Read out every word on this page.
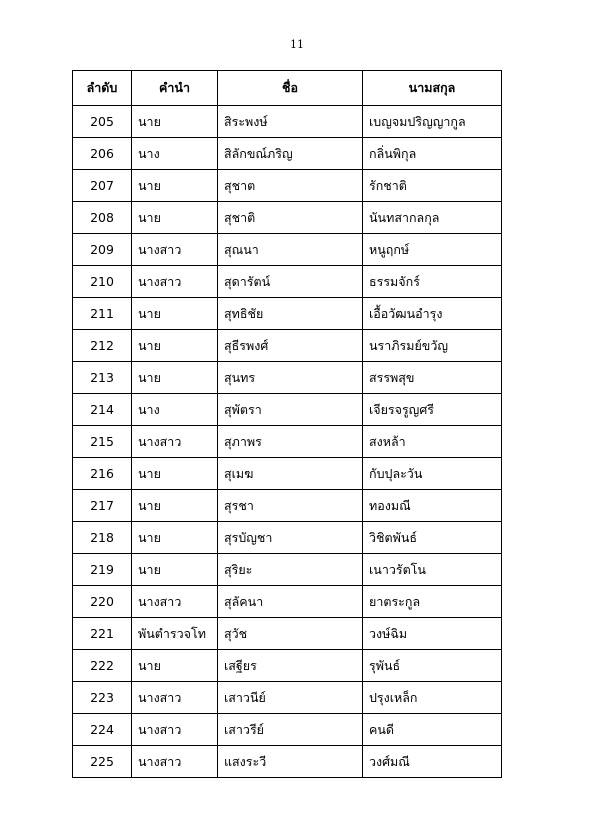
11
ลำดับ	คำนำ	ชื่อ	นามสกุล
205	นาย	สิระพงษ์	เบญจมปริญญากูล
206	นาง	สิลักขณ์ภริญ	กลิ่นพิกุล
207	นาย	สุชาต	รักชาติ
208	นาย	สุชาติ	นันทสากลกุล
209	นางสาว	สุณนา	หนูฤกษ์
210	นางสาว	สุดารัตน์	ธรรมจักร์
211	นาย	สุทธิชัย	เอื้อวัฒนอำรุง
212	นาย	สุธีรพงศ์	นราภิรมย์ขวัญ
213	นาย	สุนทร	สรรพสุข
214	นาง	สุพัตรา	เจียรจรูญศรี
215	นางสาว	สุภาพร	สงหล้า
216	นาย	สุเมฆ	กับปุละวัน
217	นาย	สุรชา	ทองมณี
218	นาย	สุรบัญชา	วิชิตพันธ์
219	นาย	สุริยะ	เนาวรัตโน
220	นางสาว	สุลัคนา	ยาตระกูล
221	พันตำรวจโท	สุวัช	วงษ์ฉิม
222	นาย	เสฐียร	รุพันธ์
223	นางสาว	เสาวนีย์	ปรุงเหล็ก
224	นางสาว	เสาวรีย์	คนดี
225	นางสาว	แสงระวี	วงศ์มณี
